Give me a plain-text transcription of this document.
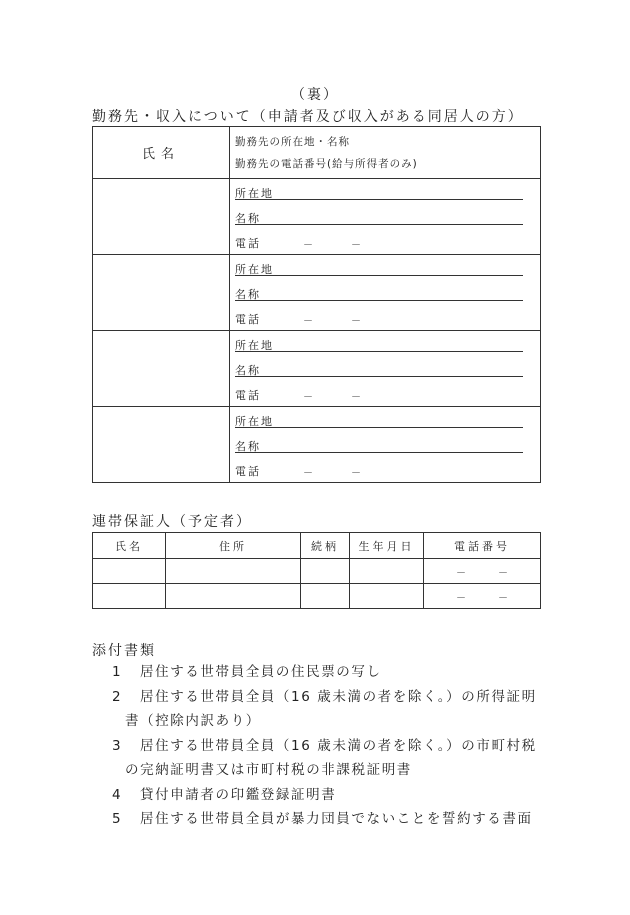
（裏）
勤務先・収入について（申請者及び収入がある同居人の方）
氏名	勤務先の所在地・名称
勤務先の電話番号(給与所得者のみ)

	所在地
名称
電話 － －

	所在地
名称
電話 － －

	所在地
名称
電話 － －

	所在地
名称
電話 － －
連帯保証人（予定者）
氏名	住所	続柄	生年月日	電話番号
				－ －
				－ －
添付書類
1 居住する世帯員全員の住民票の写し
2 居住する世帯員全員（16 歳未満の者を除く。）の所得証明
書（控除内訳あり）
3 居住する世帯員全員（16 歳未満の者を除く。）の市町村税
の完納証明書又は市町村税の非課税証明書
4 貸付申請者の印鑑登録証明書
5 居住する世帯員全員が暴力団員でないことを誓約する書面
